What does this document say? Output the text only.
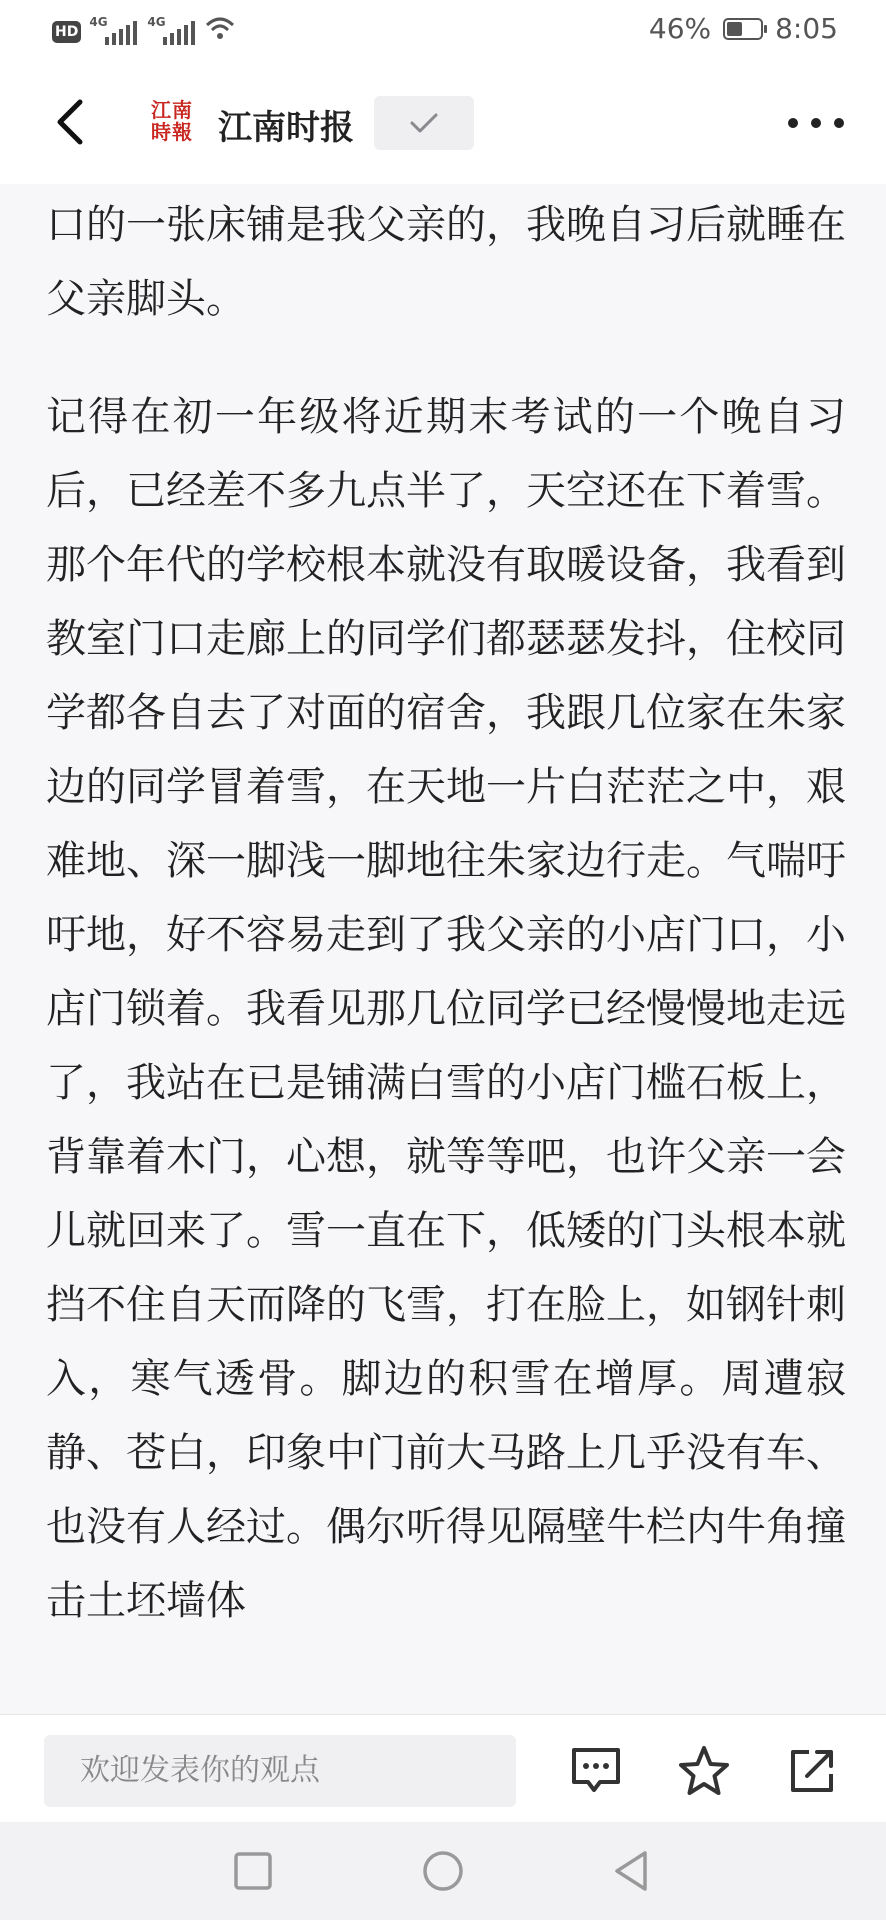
HD
4G	4G	46% 8:05
江南
時報 江南时报

口的一张床铺是我父亲的，我晚自习后就睡在父亲脚头。

记得在初一年级将近期末考试的一个晚自习后，已经差不多九点半了，天空还在下着雪。那个年代的学校根本就没有取暖设备，我看到教室门口走廊上的同学们都瑟瑟发抖，住校同学都各自去了对面的宿舍，我跟几位家在朱家边的同学冒着雪，在天地一片白茫茫之中，艰难地、深一脚浅一脚地往朱家边行走。气喘吁吁地，好不容易走到了我父亲的小店门口，小店门锁着。我看见那几位同学已经慢慢地走远了，我站在已是铺满白雪的小店门槛石板上，背靠着木门，心想，就等等吧，也许父亲一会儿就回来了。雪一直在下，低矮的门头根本就挡不住自天而降的飞雪，打在脸上，如钢针刺入，寒气透骨。脚边的积雪在增厚。周遭寂静、苍白，印象中门前大马路上几乎没有车、也没有人经过。偶尔听得见隔壁牛栏内牛角撞击土坯墙体

欢迎发表你的观点
